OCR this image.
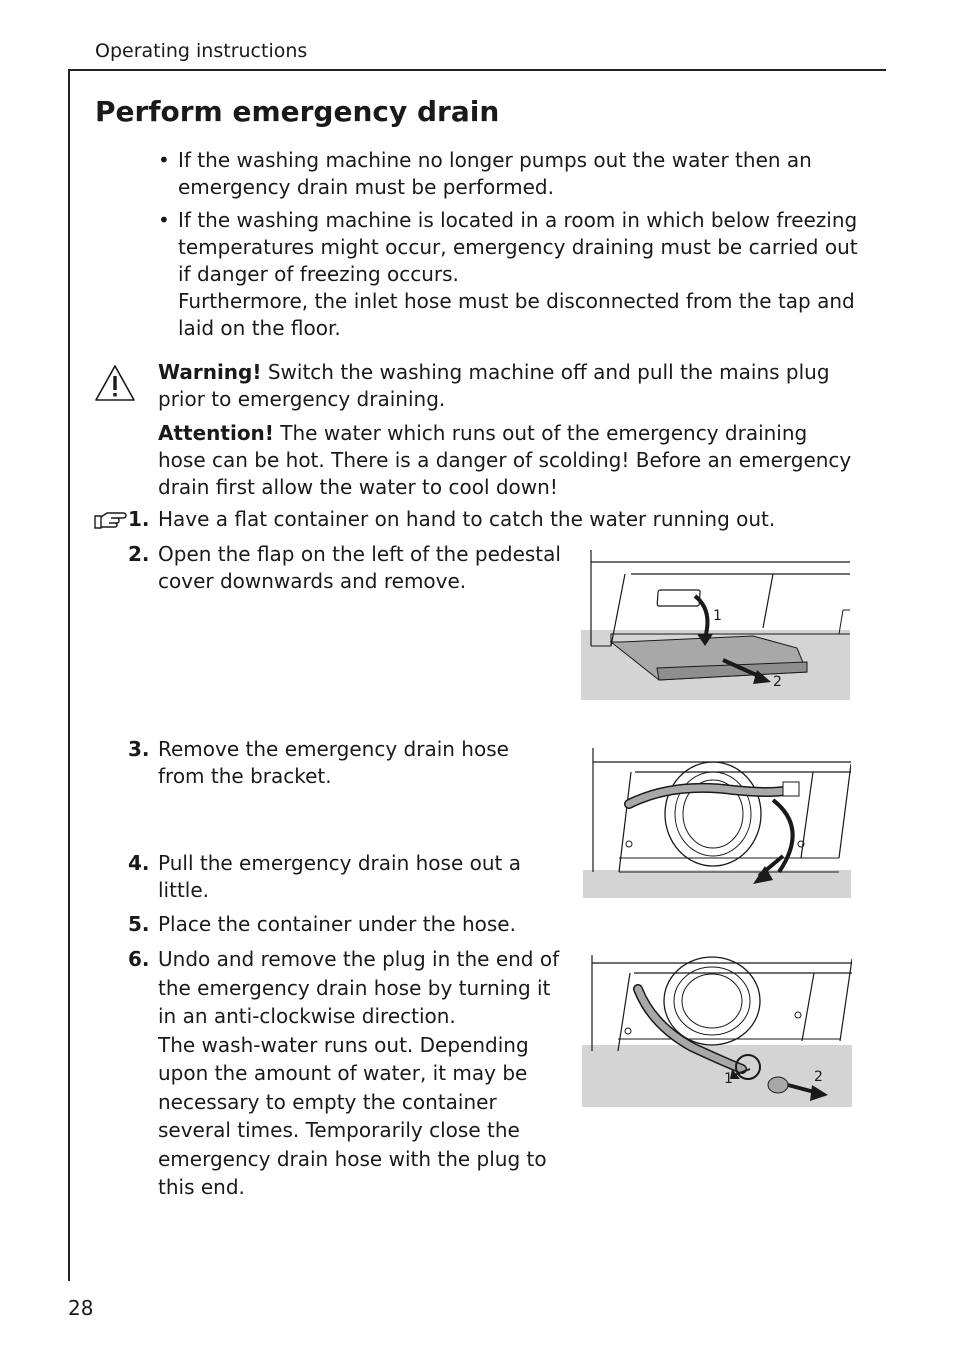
Operating instructions
Perform emergency drain
• If the washing machine no longer pumps out the water then an emergency drain must be performed.
• If the washing machine is located in a room in which below freezing temperatures might occur, emergency draining must be carried out if danger of freezing occurs.
Furthermore, the inlet hose must be disconnected from the tap and laid on the floor.
Warning! Switch the washing machine off and pull the mains plug prior to emergency draining.
Attention! The water which runs out of the emergency draining hose can be hot. There is a danger of scolding! Before an emergency drain first allow the water to cool down!
1. Have a flat container on hand to catch the water running out.
2. Open the flap on the left of the pedestal cover downwards and remove.
3. Remove the emergency drain hose from the bracket.
4. Pull the emergency drain hose out a little.
5. Place the container under the hose.
6. Undo and remove the plug in the end of the emergency drain hose by turning it in an anti-clockwise direction.
The wash-water runs out. Depending upon the amount of water, it may be necessary to empty the container several times. Temporarily close the emergency drain hose with the plug to this end.
1
2
1	2
28
